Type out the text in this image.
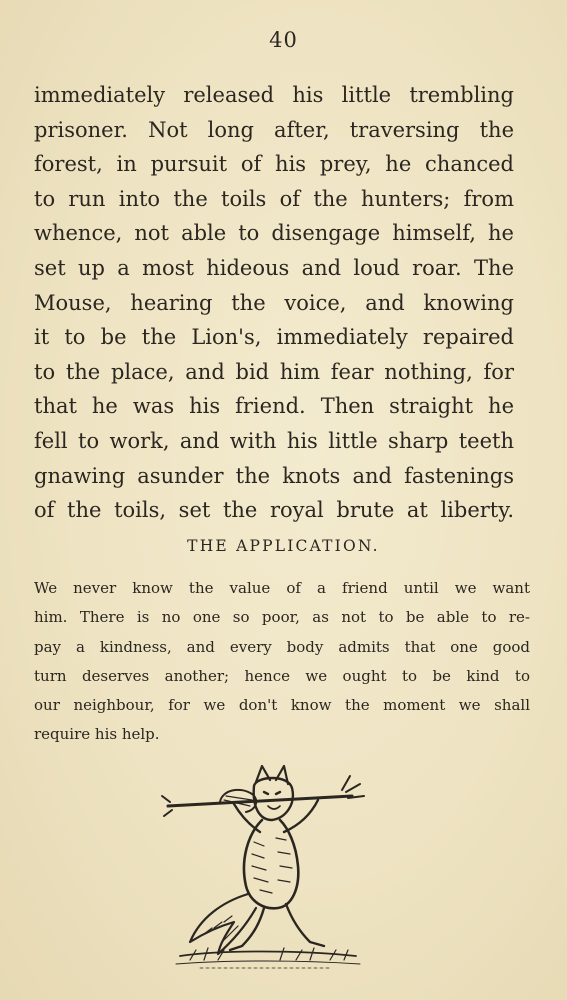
40
immediately released his little trembling
prisoner. Not long after, traversing the
forest, in pursuit of his prey, he chanced
to run into the toils of the hunters; from
whence, not able to disengage himself, he
set up a most hideous and loud roar. The
Mouse, hearing the voice, and knowing
it to be the Lion's, immediately repaired
to the place, and bid him fear nothing, for
that he was his friend. Then straight he
fell to work, and with his little sharp teeth
gnawing asunder the knots and fastenings
of the toils, set the royal brute at liberty.
THE APPLICATION.
We never know the value of a friend until we want
him. There is no one so poor, as not to be able to re-
pay a kindness, and every body admits that one good
turn deserves another; hence we ought to be kind to
our neighbour, for we don't know the moment we shall
require his help.
